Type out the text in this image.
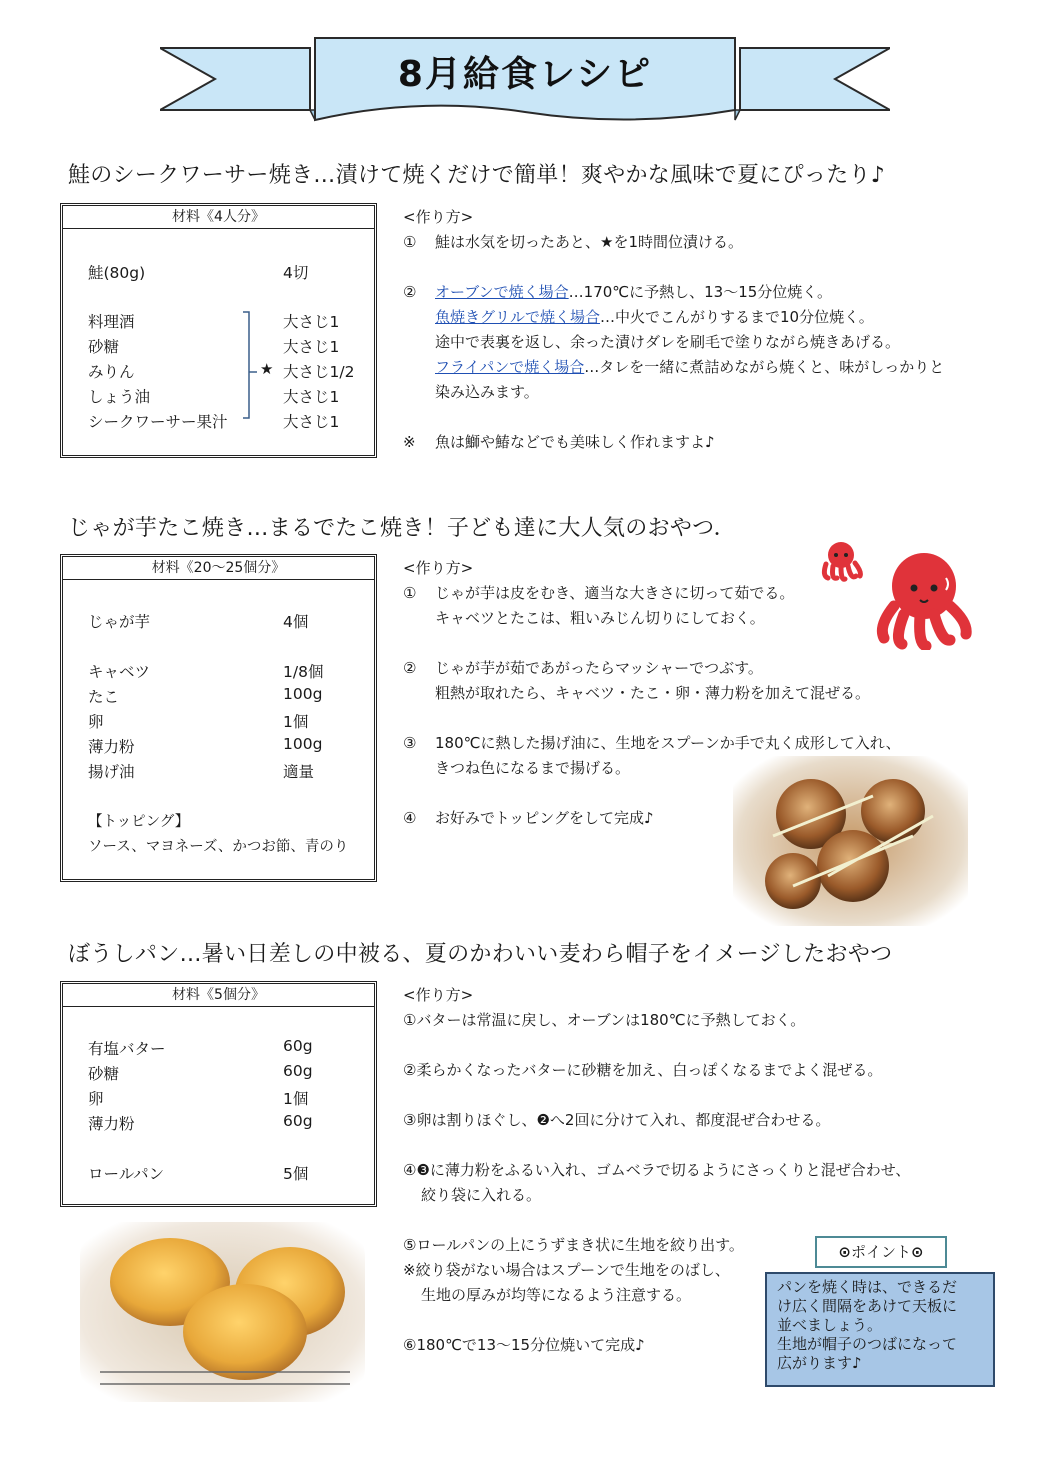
8月給食レシピ
鮭のシークワーサー焼き…漬けて焼くだけで簡単！爽やかな風味で夏にぴったり♪
材料《4人分》
鮭(80g)	4切
料理酒	大さじ1
砂糖	大さじ1
みりん	大さじ1/2
しょう油	大さじ1
シークワーサー果汁	大さじ1
★
<作り方>
① 鮭は水気を切ったあと、★を1時間位漬ける。
② オーブンで焼く場合…170℃に予熱し、13～15分位焼く。
魚焼きグリルで焼く場合…中火でこんがりするまで10分位焼く。
途中で表裏を返し、余った漬けダレを刷毛で塗りながら焼きあげる。
フライパンで焼く場合…タレを一緒に煮詰めながら焼くと、味がしっかりと
染み込みます。
※ 魚は鰤や鰆などでも美味しく作れますよ♪
じゃが芋たこ焼き…まるでたこ焼き！子ども達に大人気のおやつ．
材料《20～25個分》
じゃが芋	4個
キャベツ	1/8個
たこ	100g
卵	1個
薄力粉	100g
揚げ油	適量
【トッピング】
ソース、マヨネーズ、かつお節、青のり
<作り方>
① じゃが芋は皮をむき、適当な大きさに切って茹でる。
キャベツとたこは、粗いみじん切りにしておく。
② じゃが芋が茹であがったらマッシャーでつぶす。
粗熱が取れたら、キャベツ・たこ・卵・薄力粉を加えて混ぜる。
③ 180℃に熱した揚げ油に、生地をスプーンか手で丸く成形して入れ、
きつね色になるまで揚げる。
④ お好みでトッピングをして完成♪
ぼうしパン…暑い日差しの中被る、夏のかわいい麦わら帽子をイメージしたおやつ
材料《5個分》
有塩バター	60g
砂糖	60g
卵	1個
薄力粉	60g
ロールパン	5個
<作り方>
①バターは常温に戻し、オーブンは180℃に予熱しておく。
②柔らかくなったバターに砂糖を加え、白っぽくなるまでよく混ぜる。
③卵は割りほぐし、❷へ2回に分けて入れ、都度混ぜ合わせる。
④❸に薄力粉をふるい入れ、ゴムベラで切るようにさっくりと混ぜ合わせ、
絞り袋に入れる。
⑤ロールパンの上にうずまき状に生地を絞り出す。
※絞り袋がない場合はスプーンで生地をのばし、
生地の厚みが均等になるよう注意する。
⑥180℃で13～15分位焼いて完成♪
⊙ポイント⊙
パンを焼く時は、できるだ
け広く間隔をあけて天板に
並べましょう。
生地が帽子のつばになって
広がります♪
